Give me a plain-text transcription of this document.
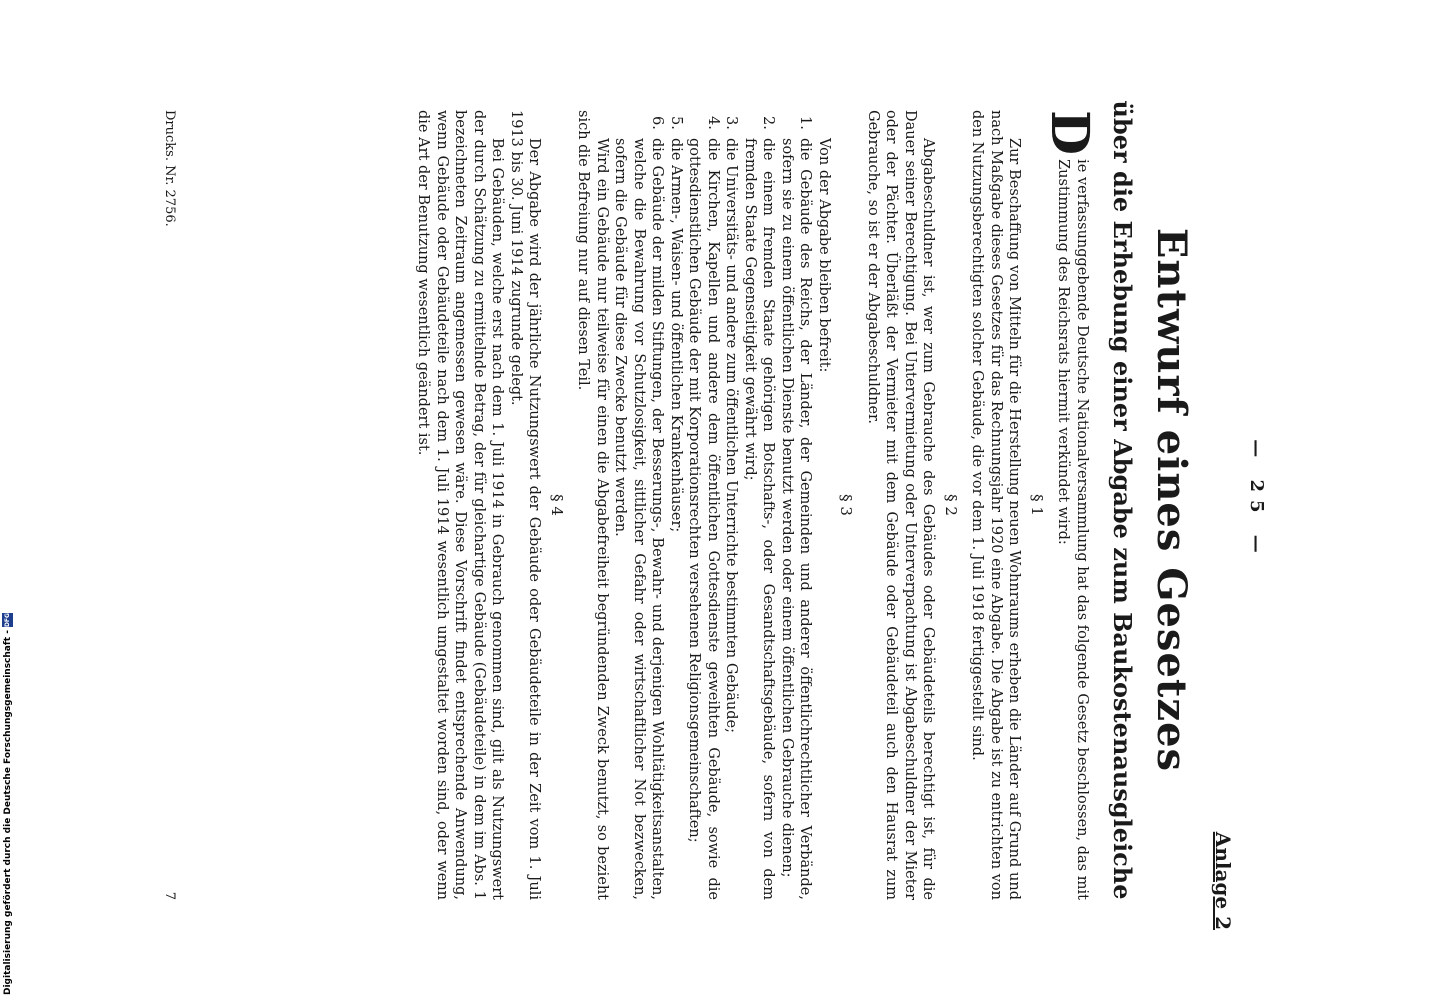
— 25 —
Anlage 2
Entwurf eines Gesetzes
über die Erhebung einer Abgabe zum Baukostenausgleiche

D
ie verfassunggebende Deutsche Nationalversammlung hat das folgende Gesetz beschlossen, das mit Zustimmung des Reichsrats hiermit verkündet wird:

§ 1

Zur Beschaffung von Mitteln für die Herstellung neuen Wohnraums erheben die Länder auf Grund und nach Maßgabe dieses Gesetzes für das Rechnungsjahr 1920 eine Abgabe. Die Abgabe ist zu entrichten von den Nutzungsberechtigten solcher Gebäude, die vor dem 1. Juli 1918 fertiggestellt sind.

§ 2

Abgabeschuldner ist, wer zum Gebrauche des Gebäudes oder Gebäudeteils berechtigt ist, für die Dauer seiner Berechtigung. Bei Untervermietung oder Unterverpachtung ist Abgabeschuldner der Mieter oder der Pächter. Überläßt der Vermieter mit dem Gebäude oder Gebäudeteil auch den Hausrat zum Gebrauche, so ist er der Abgabeschuldner.

§ 3

Von der Abgabe bleiben befreit:

1.
die Gebäude des Reichs, der Länder, der Gemeinden und anderer öffentlichrechtlicher Verbände, sofern sie zu einem öffentlichen Dienste benutzt werden oder einem öffentlichen Gebrauche dienen;
2.
die einem fremden Staate gehörigen Botschafts-, oder Gesandtschaftsgebäude, sofern von dem fremden Staate Gegenseitigkeit gewährt wird;
3.
die Universitäts- und andere zum öffentlichen Unterrichte bestimmten Gebäude;
4.
die Kirchen, Kapellen und andere dem öffentlichen Gottesdienste geweihten Gebäude, sowie die gottesdienstlichen Gebäude der mit Korporationsrechten versehenen Religionsgemeinschaften;
5.
die Armen-, Waisen- und öffentlichen Krankenhäuser;
6.
die Gebäude der milden Stiftungen, der Besserungs-, Bewahr- und derjenigen Wohltätigkeitsanstalten, welche die Bewahrung vor Schutzlosigkeit, sittlicher Gefahr oder wirtschaftlicher Not bezwecken, sofern die Gebäude für diese Zwecke benutzt werden.

Wird ein Gebäude nur teilweise für einen die Abgabefreiheit begründenden Zweck benutzt, so bezieht sich die Befreiung nur auf diesen Teil.

§ 4

Der Abgabe wird der jährliche Nutzungswert der Gebäude oder Gebäudeteile in der Zeit vom 1. Juli 1913 bis 30. Juni 1914 zugrunde gelegt.

Bei Gebäuden, welche erst nach dem 1. Juli 1914 in Gebrauch genommen sind, gilt als Nutzungswert der durch Schätzung zu ermittelnde Betrag, der für gleichartige Gebäude (Gebäudeteile) in dem im Abs. 1 bezeichneten Zeitraum angemessen gewesen wäre. Diese Vorschrift findet entsprechende Anwendung, wenn Gebäude oder Gebäudeteile nach dem 1. Juli 1914 wesentlich umgestaltet worden sind, oder wenn die Art der Benutzung wesentlich geändert ist.

Drucks. Nr. 2756.
7
Digitalisierung gefördert durch die Deutsche Forschungsgemeinschaft -
DFG
